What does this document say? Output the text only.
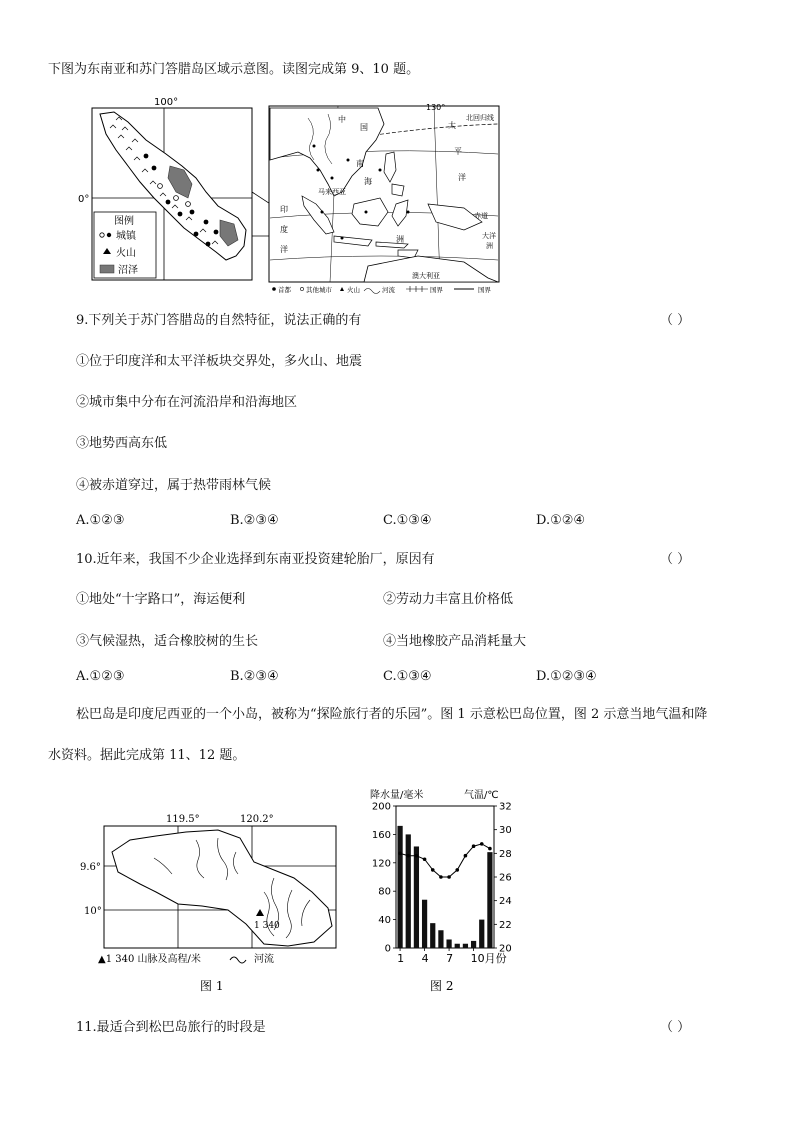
下图为东南亚和苏门答腊岛区域示意图。读图完成第 9、10 题。
100°
0°
图例
城镇
火山
沼泽
130°
北回归线
赤道
中
国	太
平
洋
南
海
马来西亚
洲
印
度
洋
大洋
洲
澳大利亚
首都 其他城市 火山	河流	国界	国界
9.下列关于苏门答腊岛的自然特征，说法正确的有	（ ）
①位于印度洋和太平洋板块交界处，多火山、地震
②城市集中分布在河流沿岸和沿海地区
③地势西高东低
④被赤道穿过，属于热带雨林气候
A.①②③	B.②③④	C.①③④	D.①②④
10.近年来，我国不少企业选择到东南亚投资建轮胎厂，原因有	（ ）
①地处“十字路口”，海运便利	②劳动力丰富且价格低
③气候湿热，适合橡胶树的生长	④当地橡胶产品消耗量大
A.①②③	B.②③④	C.①③④	D.①②③④
松巴岛是印度尼西亚的一个小岛，被称为“探险旅行者的乐园”。图 1 示意松巴岛位置，图 2 示意当地气温和降
水资料。据此完成第 11、12 题。
119.5°	120.2°
9.6°
10°
1 340
▲1 340 山脉及高程/米	河流
图 1
降水量/毫米	气温/℃
0
40
80
120
160
200
20
22
24
26
28
30
32
1 4 7 10月份
图 2
11.最适合到松巴岛旅行的时段是	（ ）
